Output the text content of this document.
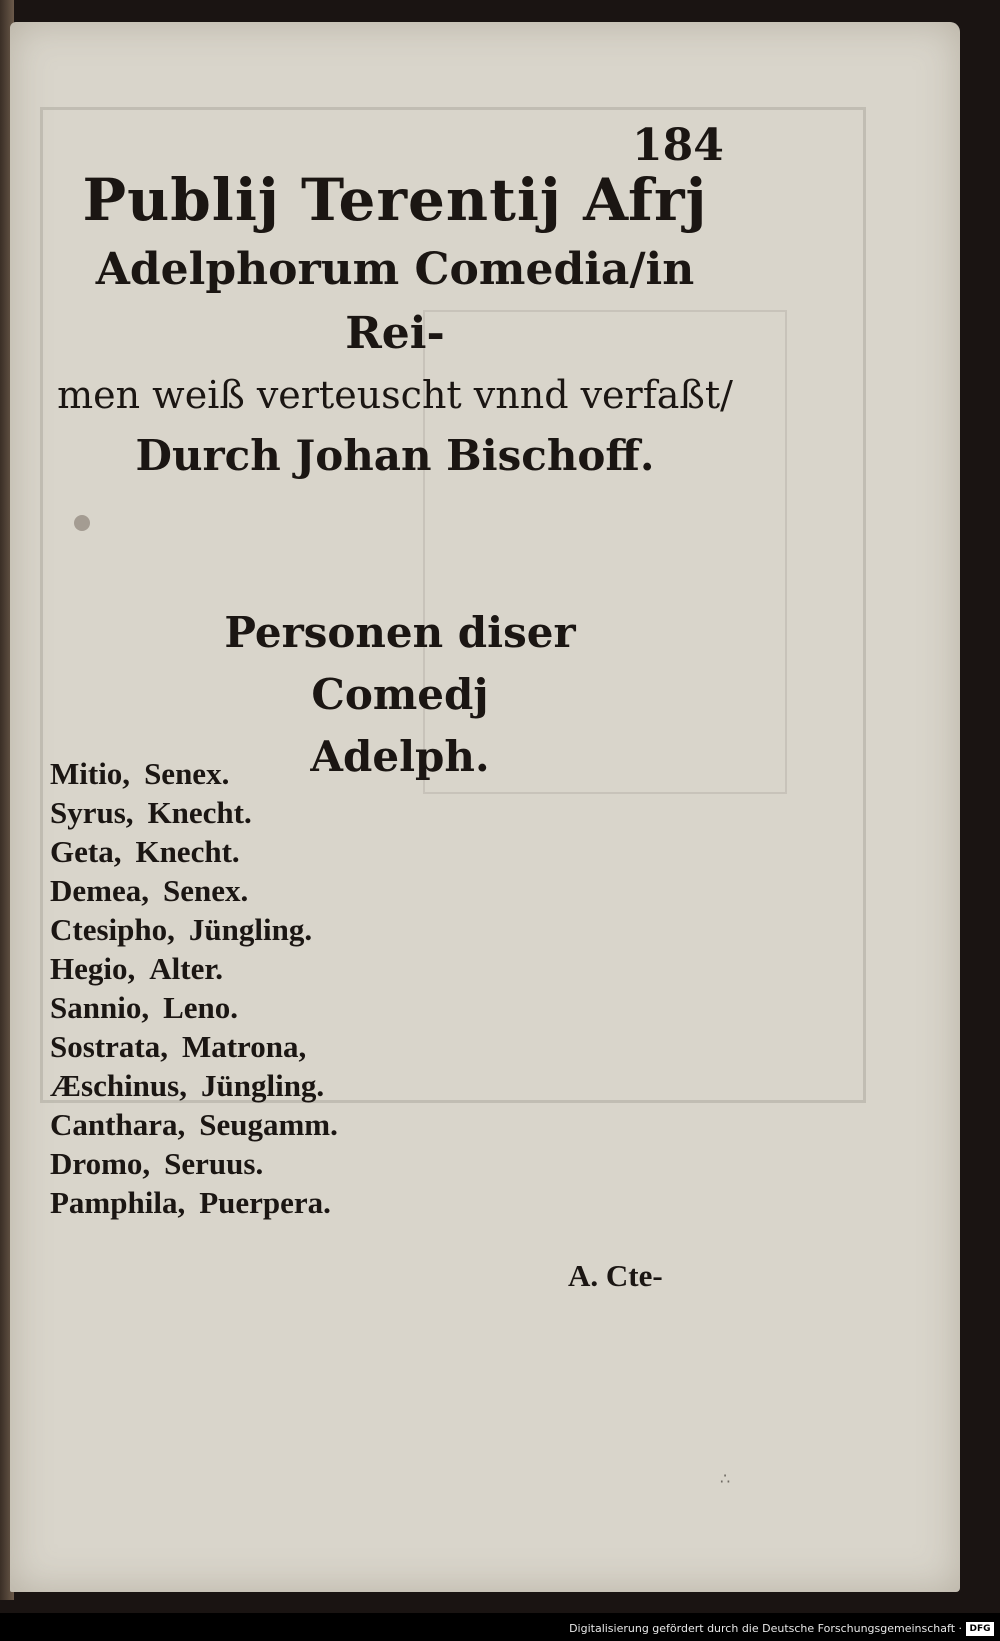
184
Publij Terentij Afrj
Adelphorum Comedia/in Rei-
men weiß verteuscht vnnd verfaßt/
Durch Johan Bischoff.
Personen diser Comedj
Adelph.
Mitio, Senex.
Syrus, Knecht.
Geta, Knecht.
Demea, Senex.
Ctesipho, Jüngling.
Hegio, Alter.
Sannio, Leno.
Sostrata, Matrona,
Æschinus, Jüngling.
Canthara, Seugamm.
Dromo, Seruus.
Pamphila, Puerpera.
A. Cte-
∴
Digitalisierung gefördert durch die Deutsche Forschungsgemeinschaft · DFG
